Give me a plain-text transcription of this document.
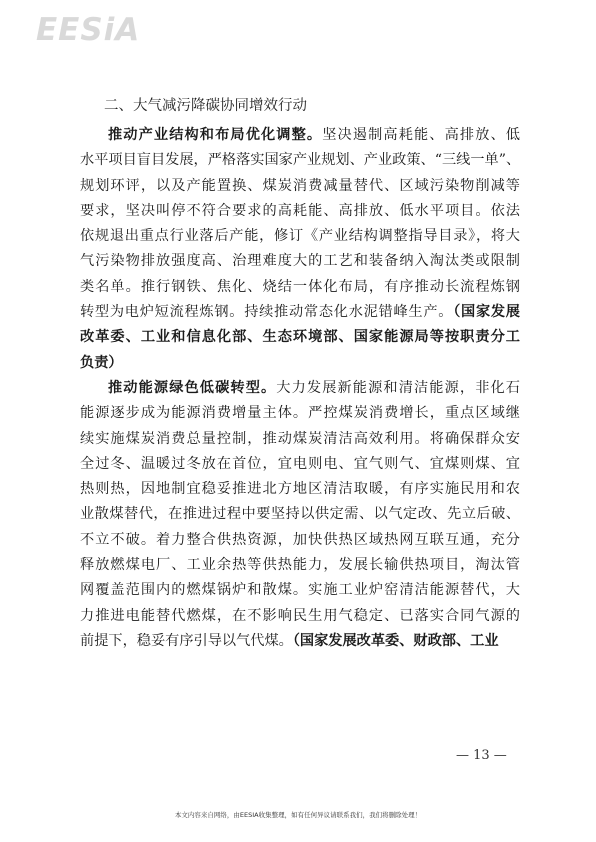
EESiA
二、大气减污降碳协同增效行动
推动产业结构和布局优化调整。坚决遏制高耗能、高排放、低
水平项目盲目发展，严格落实国家产业规划、产业政策、“三线一单”、
规划环评，以及产能置换、煤炭消费减量替代、区域污染物削减等
要求，坚决叫停不符合要求的高耗能、高排放、低水平项目。依法
依规退出重点行业落后产能，修订《产业结构调整指导目录》，将大
气污染物排放强度高、治理难度大的工艺和装备纳入淘汰类或限制
类名单。推行钢铁、焦化、烧结一体化布局，有序推动长流程炼钢
转型为电炉短流程炼钢。持续推动常态化水泥错峰生产。（国家发展
改革委、工业和信息化部、生态环境部、国家能源局等按职责分工
负责）
推动能源绿色低碳转型。大力发展新能源和清洁能源，非化石
能源逐步成为能源消费增量主体。严控煤炭消费增长，重点区域继
续实施煤炭消费总量控制，推动煤炭清洁高效利用。将确保群众安
全过冬、温暖过冬放在首位，宜电则电、宜气则气、宜煤则煤、宜
热则热，因地制宜稳妥推进北方地区清洁取暖，有序实施民用和农
业散煤替代，在推进过程中要坚持以供定需、以气定改、先立后破、
不立不破。着力整合供热资源，加快供热区域热网互联互通，充分
释放燃煤电厂、工业余热等供热能力，发展长输供热项目，淘汰管
网覆盖范围内的燃煤锅炉和散煤。实施工业炉窑清洁能源替代，大
力推进电能替代燃煤，在不影响民生用气稳定、已落实合同气源的
前提下，稳妥有序引导以气代煤。（国家发展改革委、财政部、工业
— 13 —
本文内容来自网络，由EESIA收集整理，如有任何异议请联系我们，我们将删除处理！
